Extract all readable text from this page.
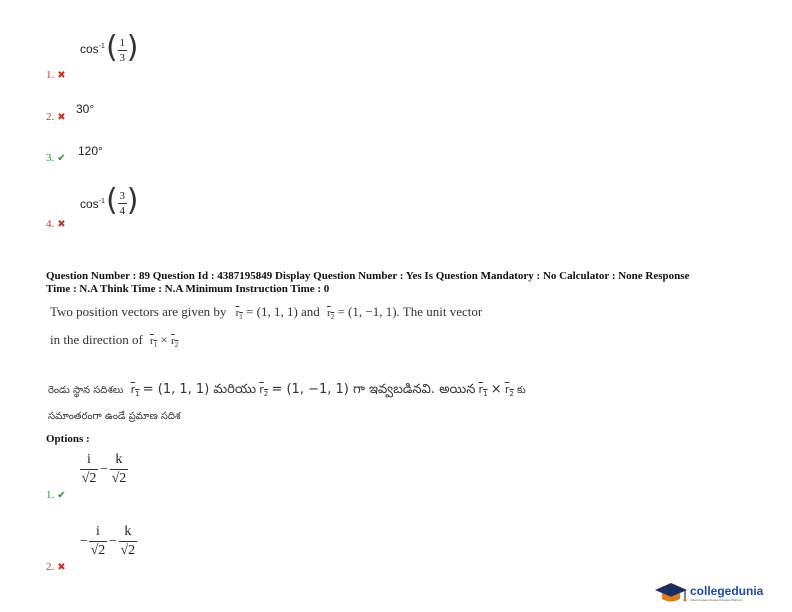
$\cos^{-1}$ ( $\frac{1}{3}$ )
1. ✖
2. ✖
30°
3. ✔
120°
$\cos^{-1}$ ( $\frac{3}{4}$ )
4. ✖
Question Number : 89 Question Id : 4387195849 Display Question Number : Yes Is Question Mandatory : No Calculator : None Response
Time : N.A Think Time : N.A Minimum Instruction Time : 0
Two position vectors are given by $r_1 = (1$, 1, 1) and $r_2 = (1$, −1, 1). The unit vector
in the direction of $r_1 \times r_2$
రెండు స్థాన సదిశలు $r_1 = (1$, 1, 1) మరియు $r_2 = (1$, −1, 1) గా ఇవ్వబడినవి. అయిన $r_1 \times r_2$ కు
సమాంతరంగా ఉండే ప్రమాణ సదిశ
Options :
$\frac{i}{√2} - \frac{k}{√2}$
1. ✔
− $\frac{i}{√2} - \frac{k}{√2}$
2. ✖
collegedunia
India's largest Student Review Platform
